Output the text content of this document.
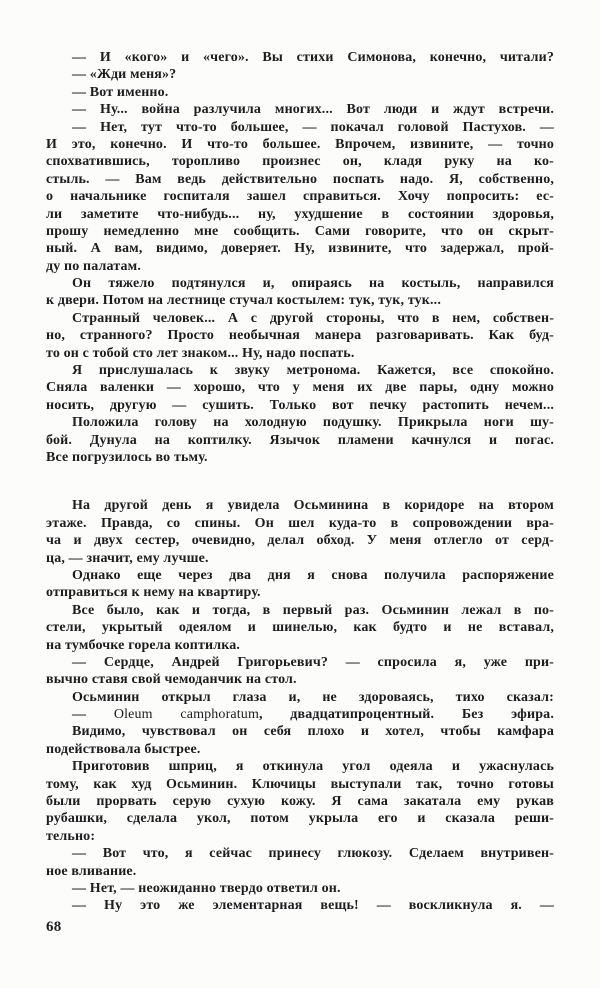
— И «кого» и «чего». Вы стихи Симонова, конечно, читали?
— «Жди меня»?
— Вот именно.
— Ну... война разлучила многих... Вот люди и ждут встречи.
— Нет, тут что-то большее, — покачал головой Пастухов. —
И это, конечно. И что-то большее. Впрочем, извините, — точно
спохватившись, торопливо произнес он, кладя руку на ко-
стыль. — Вам ведь действительно поспать надо. Я, собственно,
о начальнике госпиталя зашел справиться. Хочу попросить: ес-
ли заметите что-нибудь... ну, ухудшение в состоянии здоровья,
прошу немедленно мне сообщить. Сами говорите, что он скрыт-
ный. А вам, видимо, доверяет. Ну, извините, что задержал, прой-
ду по палатам.
Он тяжело подтянулся и, опираясь на костыль, направился
к двери. Потом на лестнице стучал костылем: тук, тук, тук...
Странный человек... А с другой стороны, что в нем, собствен-
но, странного? Просто необычная манера разговаривать. Как буд-
то он с тобой сто лет знаком... Ну, надо поспать.
Я прислушалась к звуку метронома. Кажется, все спокойно.
Сняла валенки — хорошо, что у меня их две пары, одну можно
носить, другую — сушить. Только вот печку растопить нечем...
Положила голову на холодную подушку. Прикрыла ноги шу-
бой. Дунула на коптилку. Язычок пламени качнулся и погас.
Все погрузилось во тьму.
На другой день я увидела Осьминина в коридоре на втором
этаже. Правда, со спины. Он шел куда-то в сопровождении вра-
ча и двух сестер, очевидно, делал обход. У меня отлегло от серд-
ца, — значит, ему лучше.
Однако еще через два дня я снова получила распоряжение
отправиться к нему на квартиру.
Все было, как и тогда, в первый раз. Осьминин лежал в по-
стели, укрытый одеялом и шинелью, как будто и не вставал,
на тумбочке горела коптилка.
— Сердце, Андрей Григорьевич? — спросила я, уже при-
вычно ставя свой чемоданчик на стол.
Осьминин открыл глаза и, не здороваясь, тихо сказал:
— Oleum camphoratum, двадцатипроцентный. Без эфира.
Видимо, чувствовал он себя плохо и хотел, чтобы камфара
подействовала быстрее.
Приготовив шприц, я откинула угол одеяла и ужаснулась
тому, как худ Осьминин. Ключицы выступали так, точно готовы
были прорвать серую сухую кожу. Я сама закатала ему рукав
рубашки, сделала укол, потом укрыла его и сказала реши-
тельно:
— Вот что, я сейчас принесу глюкозу. Сделаем внутривен-
ное вливание.
— Нет, — неожиданно твердо ответил он.
— Ну это же элементарная вещь! — воскликнула я. —
68
